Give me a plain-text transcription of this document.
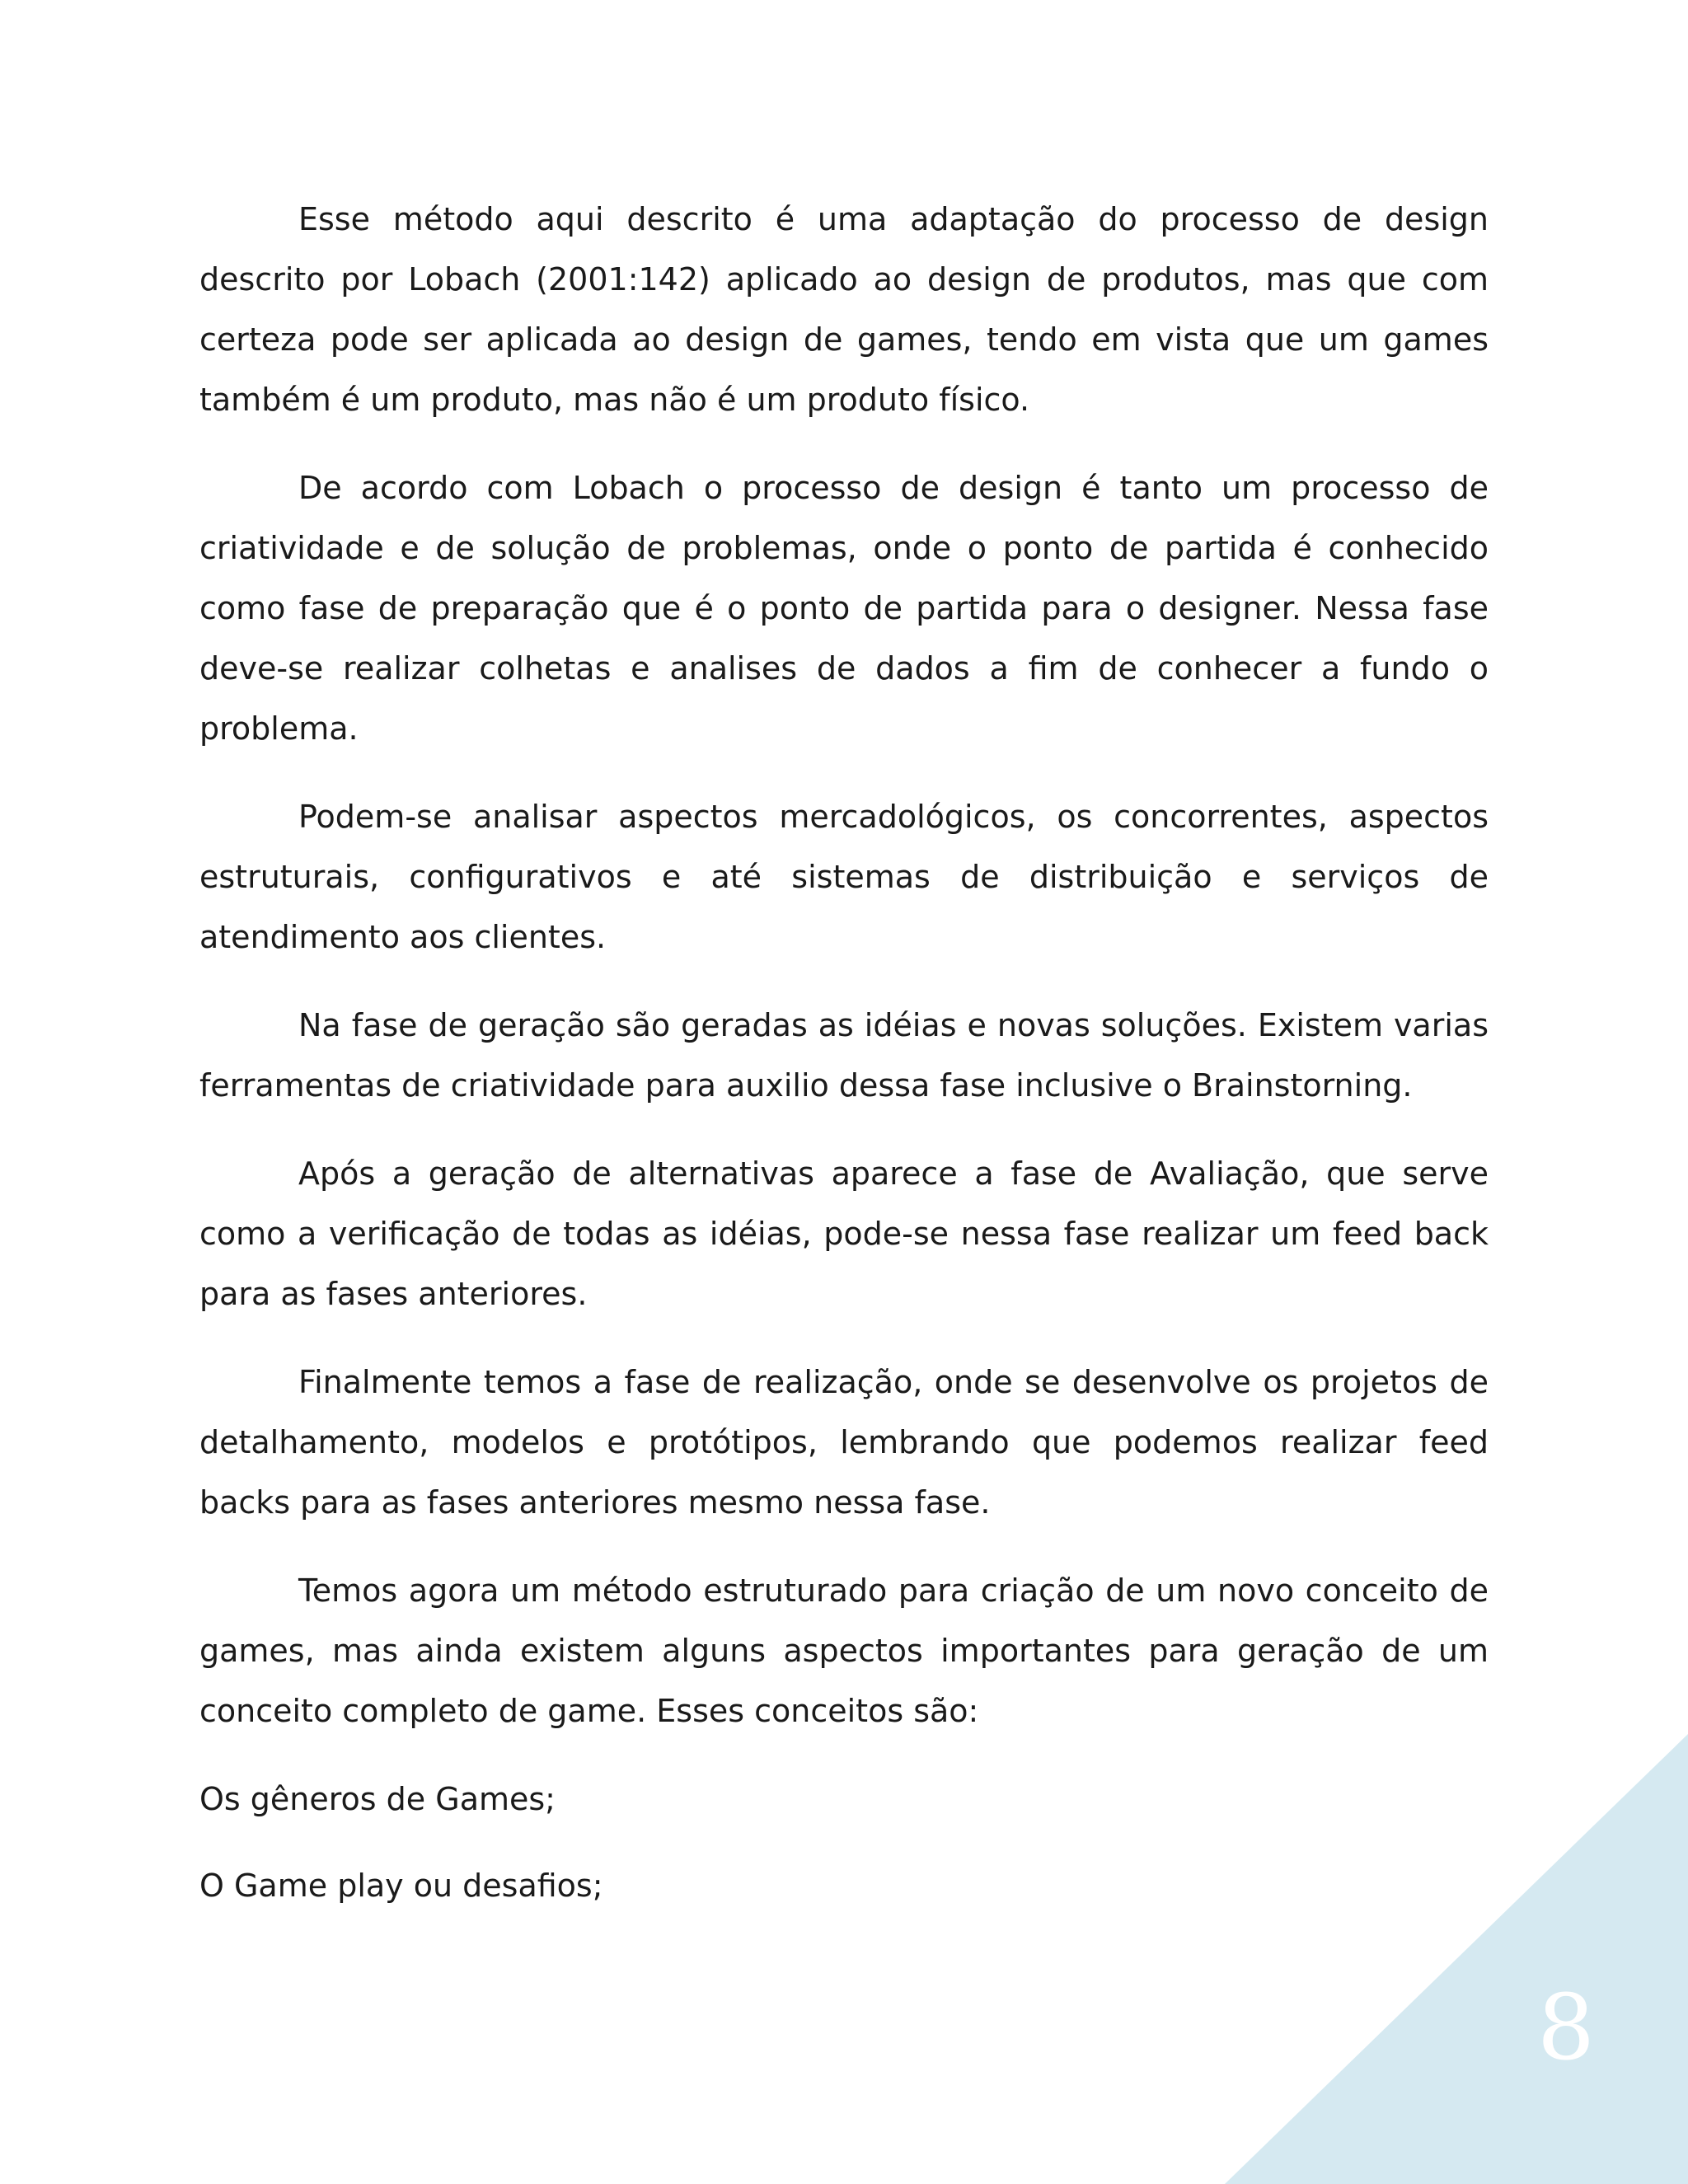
Esse método aqui descrito é uma adaptação do processo de design descrito por Lobach (2001:142) aplicado ao design de produtos, mas que com certeza pode ser aplicada ao design de games, tendo em vista que um games também é um produto, mas não é um produto físico.

De acordo com Lobach o processo de design é tanto um processo de criatividade e de solução de problemas, onde o ponto de partida é conhecido como fase de preparação que é o ponto de partida para o designer. Nessa fase deve-se realizar colhetas e analises de dados a fim de conhecer a fundo o problema.

Podem-se analisar aspectos mercadológicos, os concorrentes, aspectos estruturais, configurativos e até sistemas de distribuição e serviços de atendimento aos clientes.

Na fase de geração são geradas as idéias e novas soluções. Existem varias ferramentas de criatividade para auxilio dessa fase inclusive o Brainstorning.

Após a geração de alternativas aparece a fase de Avaliação, que serve como a verificação de todas as idéias, pode-se nessa fase realizar um feed back para as fases anteriores.

Finalmente temos a fase de realização, onde se desenvolve os projetos de detalhamento, modelos e protótipos, lembrando que podemos realizar feed backs para as fases anteriores mesmo nessa fase.

Temos agora um método estruturado para criação de um novo conceito de games, mas ainda existem alguns aspectos importantes para geração de um conceito completo de game. Esses conceitos são:

Os gêneros de Games;

O Game play ou desafios;

8
